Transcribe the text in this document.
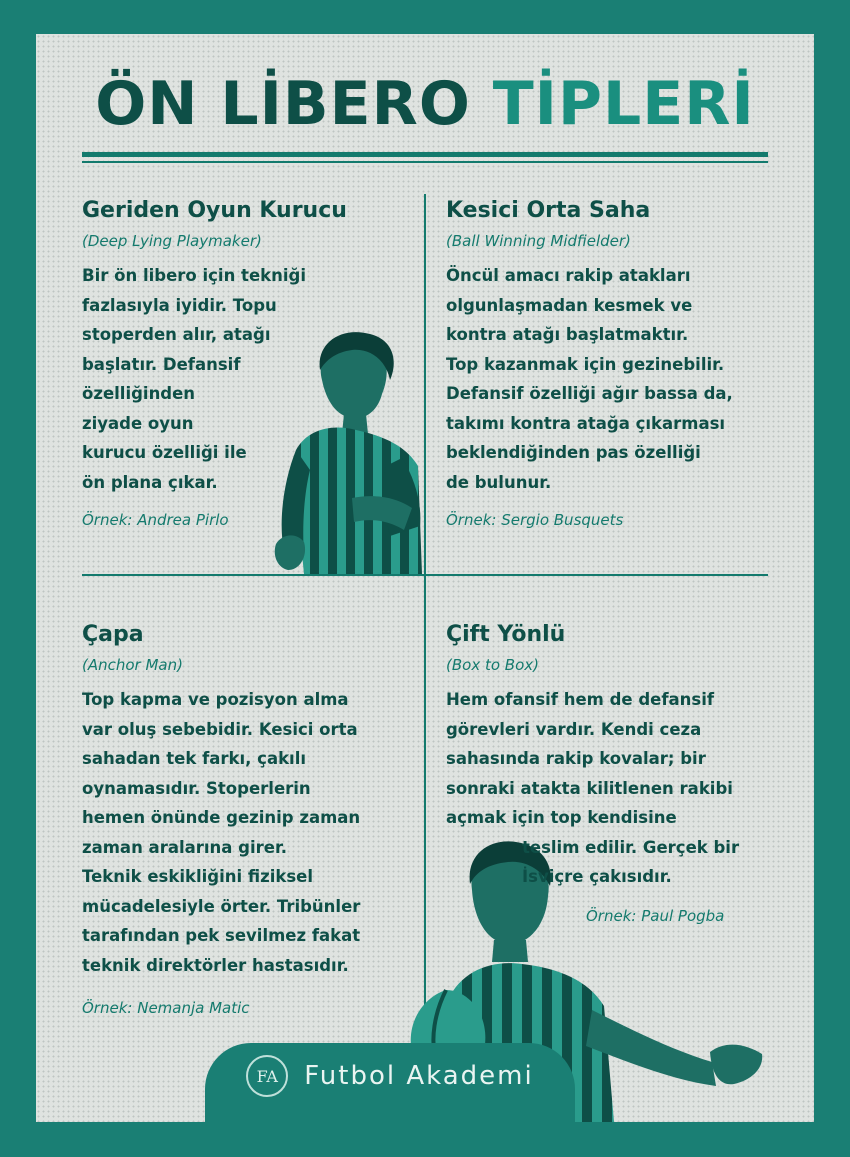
ÖN LİBERO TİPLERİ
Geriden Oyun Kurucu
(Deep Lying Playmaker)
Bir ön libero için tekniği
fazlasıyla iyidir. Topu
stoperden alır, atağı
başlatır. Defansif
özelliğinden
ziyade oyun
kurucu özelliği ile
ön plana çıkar.
Örnek: Andrea Pirlo
Kesici Orta Saha
(Ball Winning Midfielder)
Öncül amacı rakip atakları
olgunlaşmadan kesmek ve
kontra atağı başlatmaktır.
Top kazanmak için gezinebilir.
Defansif özelliği ağır bassa da,
takımı kontra atağa çıkarması
beklendiğinden pas özelliği
de bulunur.
Örnek: Sergio Busquets
Çapa
(Anchor Man)
Top kapma ve pozisyon alma
var oluş sebebidir. Kesici orta
sahadan tek farkı, çakılı
oynamasıdır. Stoperlerin
hemen önünde gezinip zaman
zaman aralarına girer.
Teknik eskikliğini fiziksel
mücadelesiyle örter. Tribünler
tarafından pek sevilmez fakat
teknik direktörler hastasıdır.
Örnek: Nemanja Matic
Çift Yönlü
(Box to Box)
Hem ofansif hem de defansif
görevleri vardır. Kendi ceza
sahasında rakip kovalar; bir
sonraki atakta kilitlenen rakibi
açmak için top kendisine
teslim edilir. Gerçek bir
İsviçre çakısıdır.
Örnek: Paul Pogba
FA	Futbol Akademi
